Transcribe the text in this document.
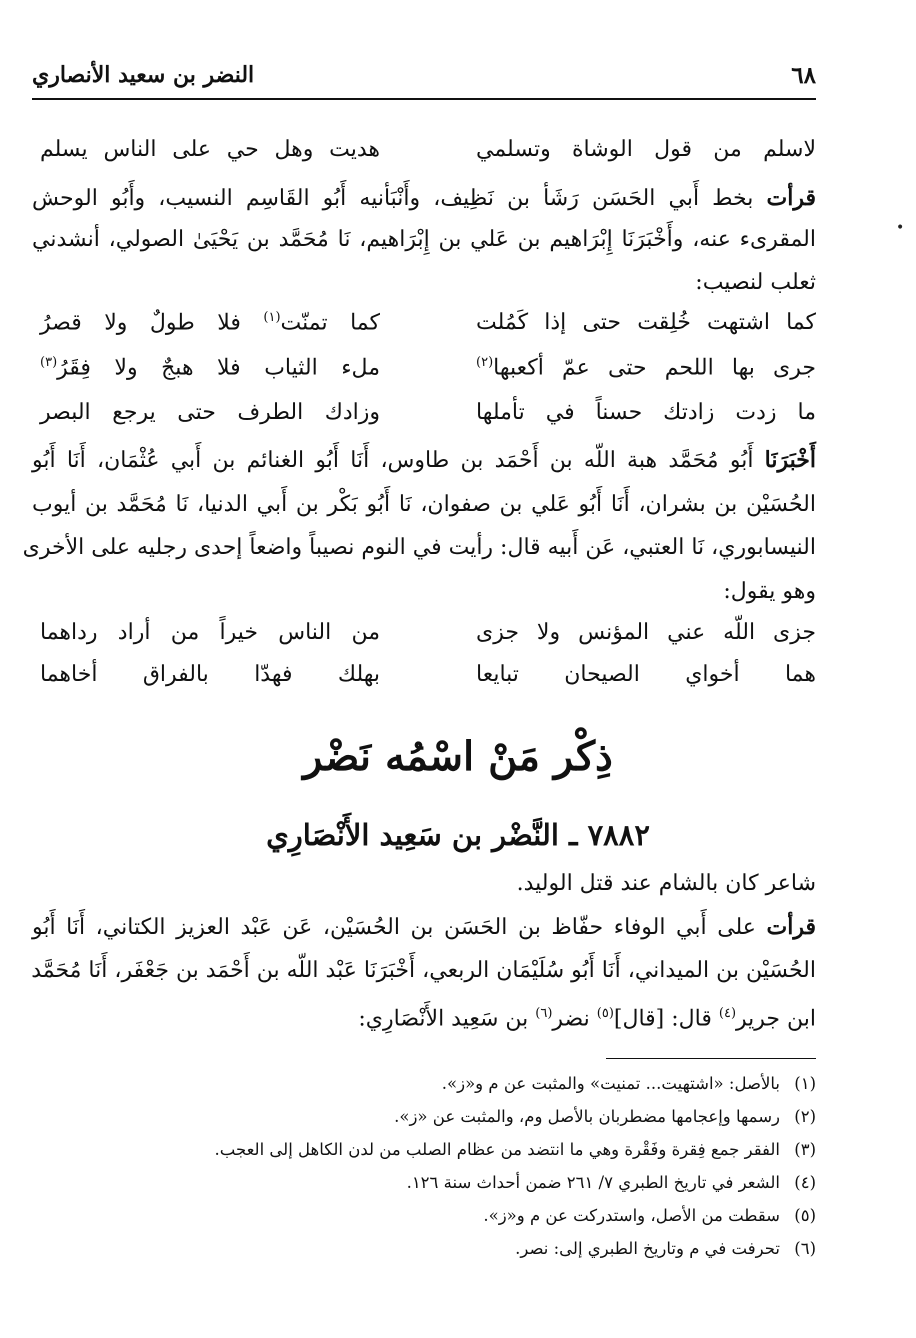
٦٨
النضر بن سعيد الأنصاري
لاسلم من قول الوشاة وتسلمي
هديت وهل حي على الناس يسلم
قرأت بخط أَبي الحَسَن رَشَأ بن نَظِيف، وأَنْبَأنيه أَبُو القَاسِم النسيب، وأَبُو الوحش
المقرىء عنه، وأَخْبَرَنَا إِبْرَاهيم بن عَلي بن إِبْرَاهيم، نَا مُحَمَّد بن يَحْيَىٰ الصولي، أنشدني
ثعلب لنصيب:
كما اشتهت خُلِقت حتى إذا كَمُلت
كما تمنّت$^{(١)}$ فلا طولٌ ولا قصرُ
جرى بها اللحم حتى عمّ أكعبها$^{(٢)}$
ملء الثياب فلا هبجٌ ولا فِقَرُ$^{(٣)}$
ما زدت زادتك حسناً في تأملها
وزادك الطرف حتى يرجع البصر
أَخْبَرَنَا أَبُو مُحَمَّد هبة اللّه بن أَحْمَد بن طاوس، أَنَا أَبُو الغنائم بن أَبي عُثْمَان، أَنَا أَبُو
الحُسَيْن بن بشران، أَنَا أَبُو عَلي بن صفوان، نَا أَبُو بَكْر بن أَبي الدنيا، نَا مُحَمَّد بن أيوب
النيسابوري، نَا العتبي، عَن أَبيه قال: رأيت في النوم نصيباً واضعاً إحدى رجليه على الأخرى
وهو يقول:
جزى اللّه عني المؤنس ولا جزى
من الناس خيراً من أراد رداهما
هما أخواي الصيحان تبايعا
بهلك فهدّا بالفراق أخاهما
ذِكْر مَنْ اسْمُه نَضْر
٧٨٨٢ ـ النَّضْر بن سَعِيد الأَنْصَارِي
شاعر كان بالشام عند قتل الوليد.
قرأت على أَبي الوفاء حفّاظ بن الحَسَن بن الحُسَيْن، عَن عَبْد العزيز الكتاني، أَنَا أَبُو
الحُسَيْن بن الميداني، أَنَا أَبُو سُلَيْمَان الربعي، أَخْبَرَنَا عَبْد اللّه بن أَحْمَد بن جَعْفَر، أَنَا مُحَمَّد
ابن جرير$^{(٤)}$ قال: [قال]$^{(٥)}$ نضر$^{(٦)}$ بن سَعِيد الأَنْصَارِي:
(١)بالأصل: «اشتهيت... تمنيت» والمثبت عن م و«ز».
(٢)رسمها وإعجامها مضطربان بالأصل وم، والمثبت عن «ز».
(٣)الفقر جمع فِقرة وفَقْرة وهي ما انتضد من عظام الصلب من لدن الكاهل إلى العجب.
(٤)الشعر في تاريخ الطبري ٧/ ٢٦١ ضمن أحداث سنة ١٢٦.
(٥)سقطت من الأصل، واستدركت عن م و«ز».
(٦)تحرفت في م وتاريخ الطبري إلى: نصر.
•
